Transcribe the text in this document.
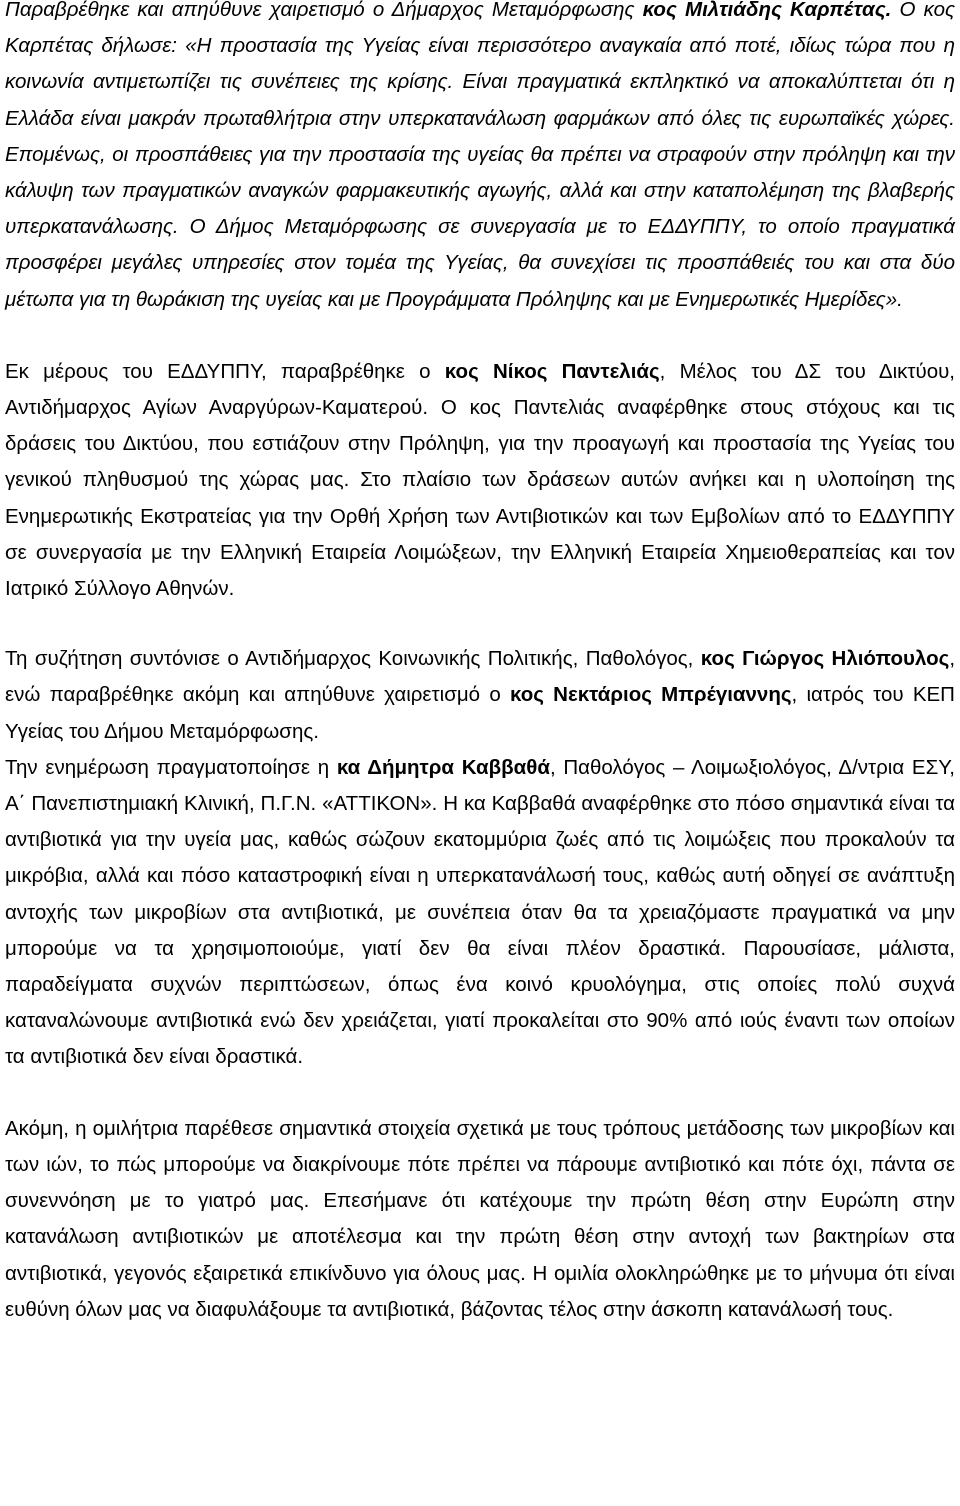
Παραβρέθηκε και απηύθυνε χαιρετισμό ο Δήμαρχος Μεταμόρφωσης κος Μιλτιάδης Καρπέτας. Ο κος Καρπέτας δήλωσε: «Η προστασία της Υγείας είναι περισσότερο αναγκαία από ποτέ, ιδίως τώρα που η κοινωνία αντιμετωπίζει τις συνέπειες της κρίσης. Είναι πραγματικά εκπληκτικό να αποκαλύπτεται ότι η Ελλάδα είναι μακράν πρωταθλήτρια στην υπερκατανάλωση φαρμάκων από όλες τις ευρωπαϊκές χώρες. Επομένως, οι προσπάθειες για την προστασία της υγείας θα πρέπει να στραφούν στην πρόληψη και την κάλυψη των πραγματικών αναγκών φαρμακευτικής αγωγής, αλλά και στην καταπολέμηση της βλαβερής υπερκατανάλωσης. Ο Δήμος Μεταμόρφωσης σε συνεργασία με το ΕΔΔΥΠΠΥ, το οποίο πραγματικά προσφέρει μεγάλες υπηρεσίες στον τομέα της Υγείας, θα συνεχίσει τις προσπάθειές του και στα δύο μέτωπα για τη θωράκιση της υγείας και με Προγράμματα Πρόληψης και με Ενημερωτικές Ημερίδες».

Εκ μέρους του ΕΔΔΥΠΠΥ, παραβρέθηκε ο κος Νίκος Παντελιάς, Μέλος του ΔΣ του Δικτύου, Αντιδήμαρχος Αγίων Αναργύρων-Καματερού. Ο κος Παντελιάς αναφέρθηκε στους στόχους και τις δράσεις του Δικτύου, που εστιάζουν στην Πρόληψη, για την προαγωγή και προστασία της Υγείας του γενικού πληθυσμού της χώρας μας. Στο πλαίσιο των δράσεων αυτών ανήκει και η υλοποίηση της Ενημερωτικής Εκστρατείας για την Ορθή Χρήση των Αντιβιοτικών και των Εμβολίων από το ΕΔΔΥΠΠΥ σε συνεργασία με την Ελληνική Εταιρεία Λοιμώξεων, την Ελληνική Εταιρεία Χημειοθεραπείας και τον Ιατρικό Σύλλογο Αθηνών.

Τη συζήτηση συντόνισε ο Αντιδήμαρχος Κοινωνικής Πολιτικής, Παθολόγος, κος Γιώργος Ηλιόπουλος, ενώ παραβρέθηκε ακόμη και απηύθυνε χαιρετισμό ο κος Νεκτάριος Μπρέγιαννης, ιατρός του ΚΕΠ Υγείας του Δήμου Μεταμόρφωσης.

Την ενημέρωση πραγματοποίησε η κα Δήμητρα Καββαθά, Παθολόγος – Λοιμωξιολόγος, Δ/ντρια ΕΣΥ, Α΄ Πανεπιστημιακή Κλινική, Π.Γ.Ν. «ΑΤΤΙΚΟΝ». Η κα Καββαθά αναφέρθηκε στο πόσο σημαντικά είναι τα αντιβιοτικά για την υγεία μας, καθώς σώζουν εκατομμύρια ζωές από τις λοιμώξεις που προκαλούν τα μικρόβια, αλλά και πόσο καταστροφική είναι η υπερκατανάλωσή τους, καθώς αυτή οδηγεί σε ανάπτυξη αντοχής των μικροβίων στα αντιβιοτικά, με συνέπεια όταν θα τα χρειαζόμαστε πραγματικά να μην μπορούμε να τα χρησιμοποιούμε, γιατί δεν θα είναι πλέον δραστικά. Παρουσίασε, μάλιστα, παραδείγματα συχνών περιπτώσεων, όπως ένα κοινό κρυολόγημα, στις οποίες πολύ συχνά καταναλώνουμε αντιβιοτικά ενώ δεν χρειάζεται, γιατί προκαλείται στο 90% από ιούς έναντι των οποίων τα αντιβιοτικά δεν είναι δραστικά.

Ακόμη, η ομιλήτρια παρέθεσε σημαντικά στοιχεία σχετικά με τους τρόπους μετάδοσης των μικροβίων και των ιών, το πώς μπορούμε να διακρίνουμε πότε πρέπει να πάρουμε αντιβιοτικό και πότε όχι, πάντα σε συνεννόηση με το γιατρό μας. Επεσήμανε ότι κατέχουμε την πρώτη θέση στην Ευρώπη στην κατανάλωση αντιβιοτικών με αποτέλεσμα και την πρώτη θέση στην αντοχή των βακτηρίων στα αντιβιοτικά, γεγονός εξαιρετικά επικίνδυνο για όλους μας. Η ομιλία ολοκληρώθηκε με το μήνυμα ότι είναι ευθύνη όλων μας να διαφυλάξουμε τα αντιβιοτικά, βάζοντας τέλος στην άσκοπη κατανάλωσή τους.
